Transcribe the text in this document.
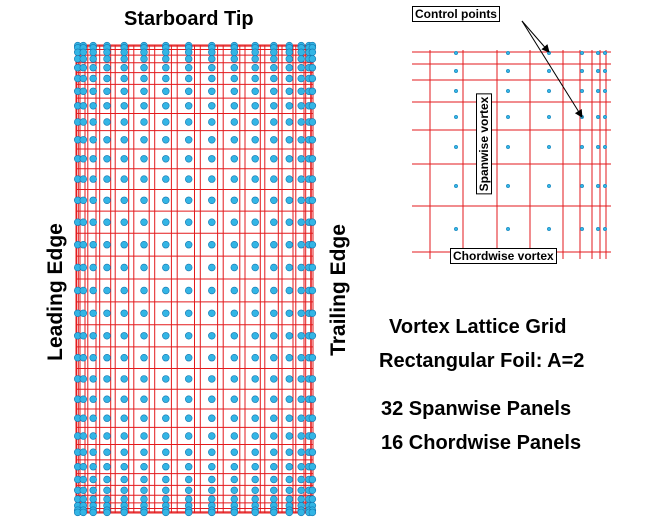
Starboard Tip
Leading Edge	Trailing Edge
Control points
Spanwise vortex
Chordwise vortex
Vortex Lattice Grid
Rectangular Foil: A=2
32 Spanwise Panels
16 Chordwise Panels
